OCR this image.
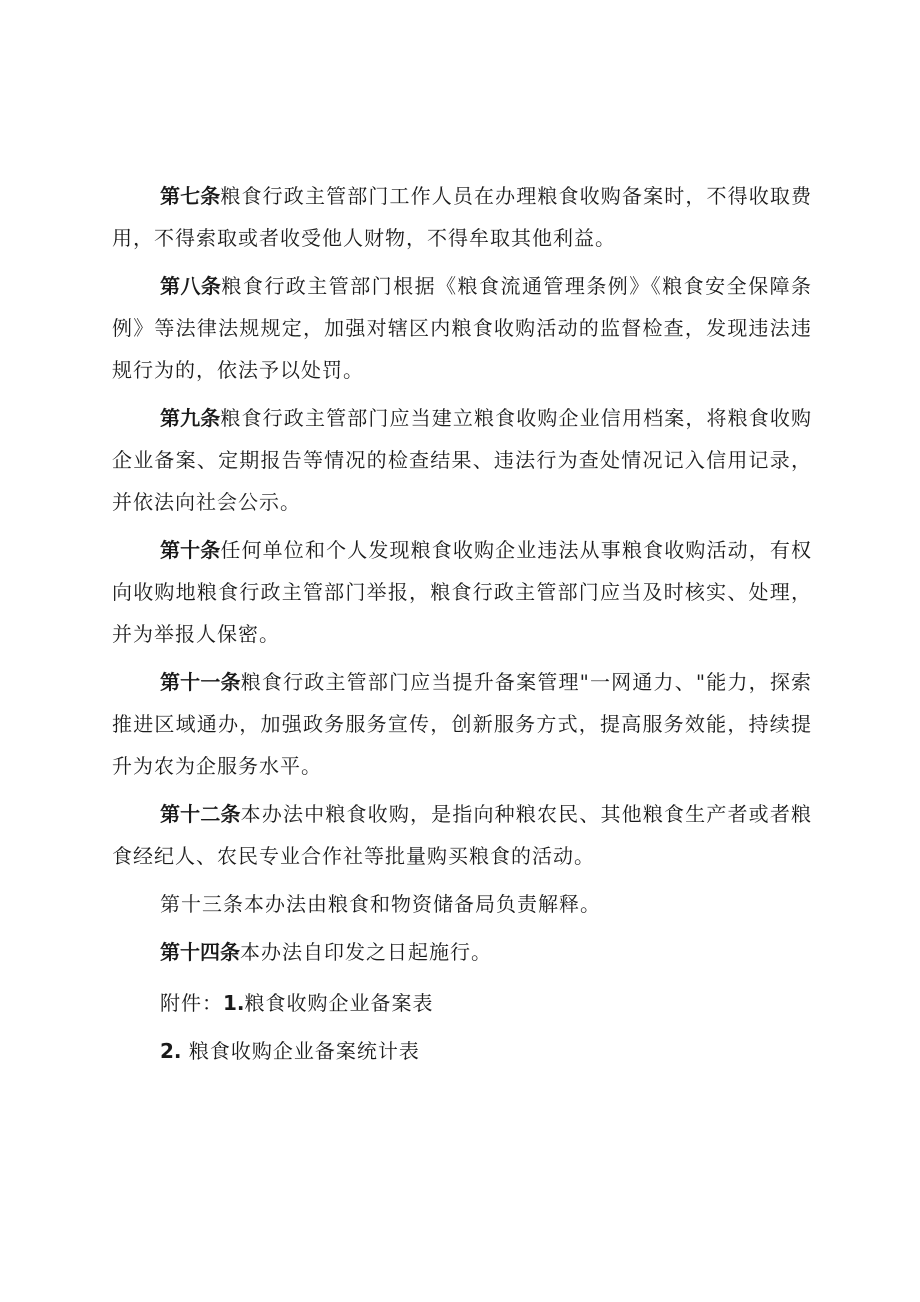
第七条粮食行政主管部门工作人员在办理粮食收购备案时，不得收取费用，不得索取或者收受他人财物，不得牟取其他利益。

第八条粮食行政主管部门根据《粮食流通管理条例》《粮食安全保障条例》等法律法规规定，加强对辖区内粮食收购活动的监督检查，发现违法违规行为的，依法予以处罚。

第九条粮食行政主管部门应当建立粮食收购企业信用档案，将粮食收购企业备案、定期报告等情况的检查结果、违法行为查处情况记入信用记录，并依法向社会公示。

第十条任何单位和个人发现粮食收购企业违法从事粮食收购活动，有权向收购地粮食行政主管部门举报，粮食行政主管部门应当及时核实、处理，并为举报人保密。

第十一条粮食行政主管部门应当提升备案管理"一网通力、"能力，探索推进区域通办，加强政务服务宣传，创新服务方式，提高服务效能，持续提升为农为企服务水平。

第十二条本办法中粮食收购，是指向种粮农民、其他粮食生产者或者粮食经纪人、农民专业合作社等批量购买粮食的活动。

第十三条本办法由粮食和物资储备局负责解释。

第十四条本办法自印发之日起施行。

附件：1.粮食收购企业备案表

2. 粮食收购企业备案统计表
